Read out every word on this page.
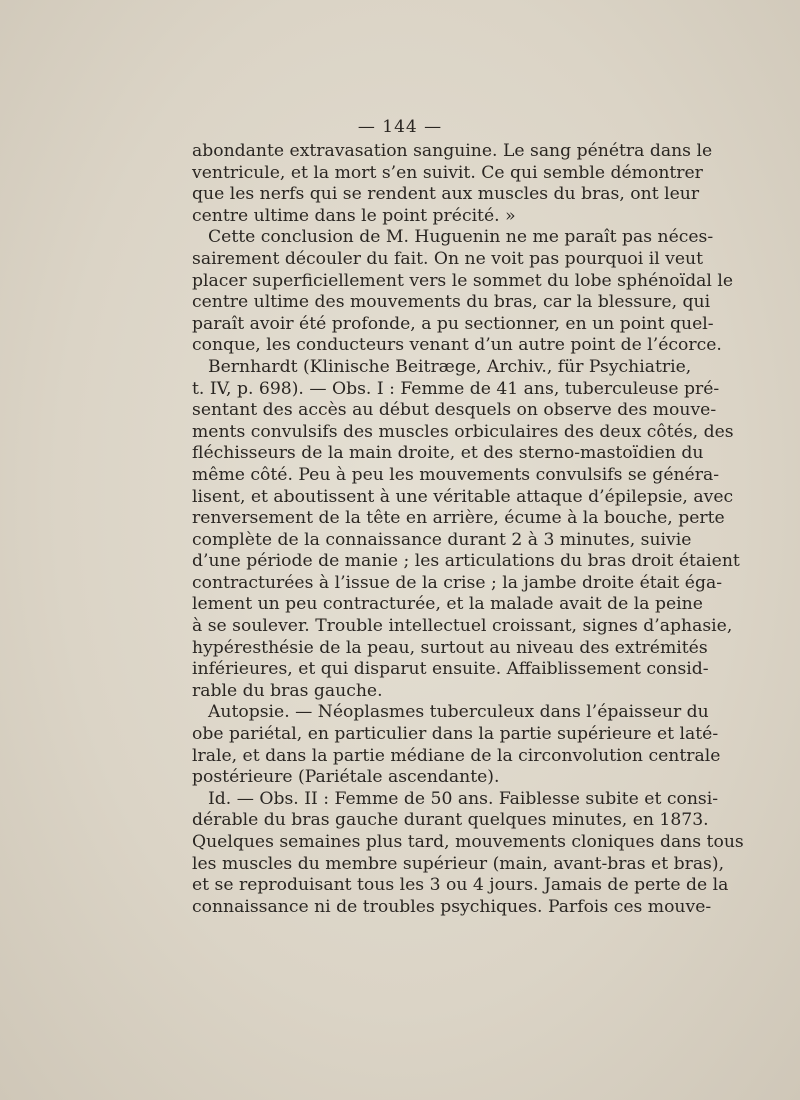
— 144 —
abondante extravasation sanguine. Le sang pénétra dans le
ventricule, et la mort s’en suivit. Ce qui semble démontrer
que les nerfs qui se rendent aux muscles du bras, ont leur
centre ultime dans le point précité. »
Cette conclusion de M. Huguenin ne me paraît pas néces-
sairement découler du fait. On ne voit pas pourquoi il veut
placer superficiellement vers le sommet du lobe sphénoïdal le
centre ultime des mouvements du bras, car la blessure, qui
paraît avoir été profonde, a pu sectionner, en un point quel-
conque, les conducteurs venant d’un autre point de l’écorce.
Bernhardt (Klinische Beitræge, Archiv., für Psychiatrie,
t. IV, p. 698). — Obs. I : Femme de 41 ans, tuberculeuse pré-
sentant des accès au début desquels on observe des mouve-
ments convulsifs des muscles orbiculaires des deux côtés, des
fléchisseurs de la main droite, et des sterno-mastoïdien du
même côté. Peu à peu les mouvements convulsifs se généra-
lisent, et aboutissent à une véritable attaque d’épilepsie, avec
renversement de la tête en arrière, écume à la bouche, perte
complète de la connaissance durant 2 à 3 minutes, suivie
d’une période de manie ; les articulations du bras droit étaient
contracturées à l’issue de la crise ; la jambe droite était éga-
lement un peu contracturée, et la malade avait de la peine
à se soulever. Trouble intellectuel croissant, signes d’aphasie,
hypéresthésie de la peau, surtout au niveau des extrémités
inférieures, et qui disparut ensuite. Affaiblissement consid-
rable du bras gauche.
Autopsie. — Néoplasmes tuberculeux dans l’épaisseur du
obe pariétal, en particulier dans la partie supérieure et laté-
lrale, et dans la partie médiane de la circonvolution centrale
postérieure (Pariétale ascendante).
Id. — Obs. II : Femme de 50 ans. Faiblesse subite et consi-
dérable du bras gauche durant quelques minutes, en 1873.
Quelques semaines plus tard, mouvements cloniques dans tous
les muscles du membre supérieur (main, avant-bras et bras),
et se reproduisant tous les 3 ou 4 jours. Jamais de perte de la
connaissance ni de troubles psychiques. Parfois ces mouve-
